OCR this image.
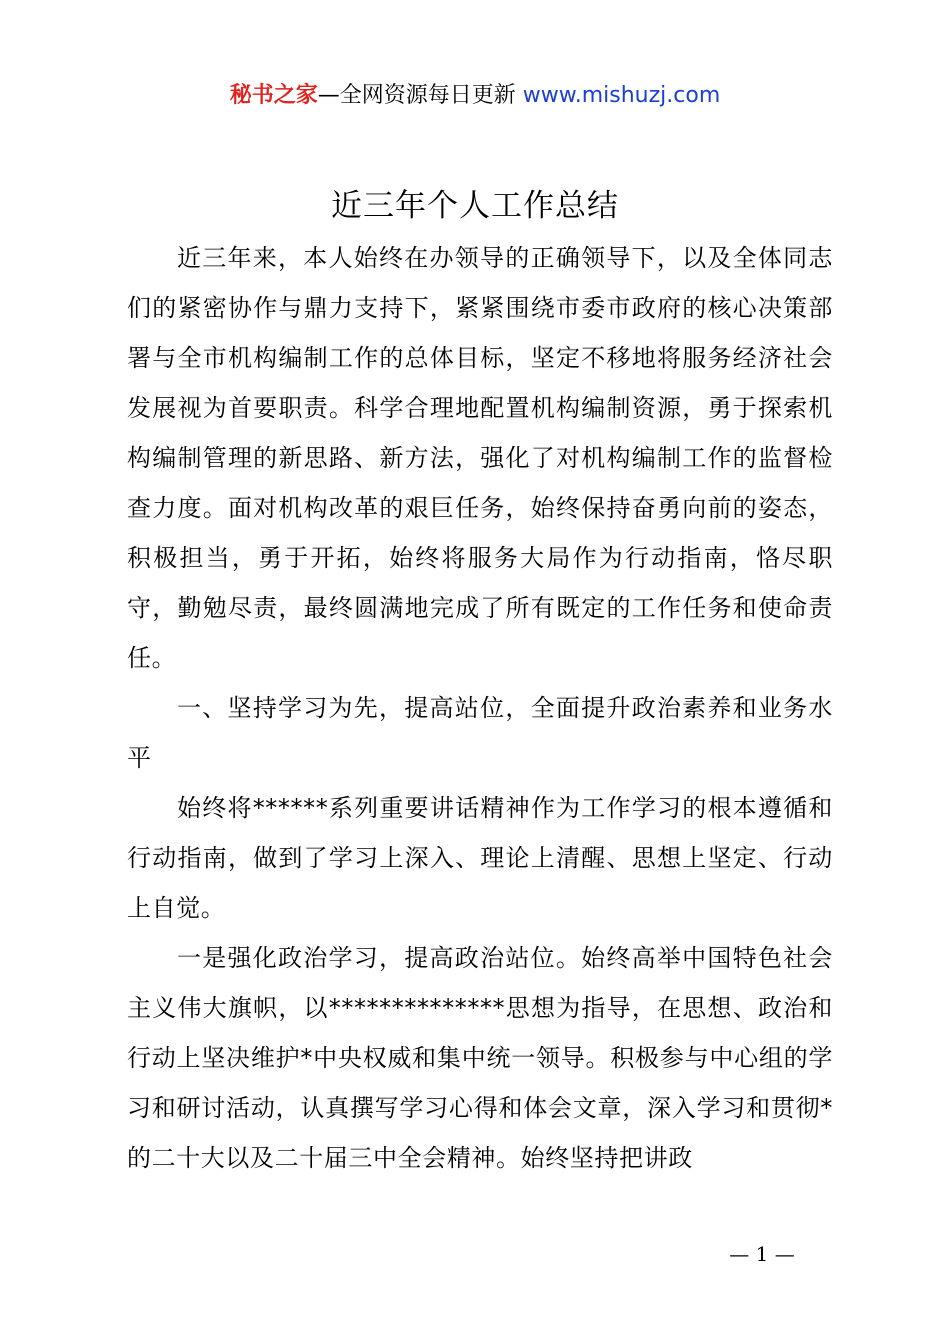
秘书之家—全网资源每日更新 www.mishuzj.com
近三年个人工作总结

近三年来，本人始终在办领导的正确领导下，以及全体同志们的紧密协作与鼎力支持下，紧紧围绕市委市政府的核心决策部署与全市机构编制工作的总体目标，坚定不移地将服务经济社会发展视为首要职责。科学合理地配置机构编制资源，勇于探索机构编制管理的新思路、新方法，强化了对机构编制工作的监督检查力度。面对机构改革的艰巨任务，始终保持奋勇向前的姿态，积极担当，勇于开拓，始终将服务大局作为行动指南，恪尽职守，勤勉尽责，最终圆满地完成了所有既定的工作任务和使命责任。

一、坚持学习为先，提高站位，全面提升政治素养和业务水平

始终将******系列重要讲话精神作为工作学习的根本遵循和行动指南，做到了学习上深入、理论上清醒、思想上坚定、行动上自觉。

一是强化政治学习，提高政治站位。始终高举中国特色社会主义伟大旗帜，以**************思想为指导，在思想、政治和行动上坚决维护*中央权威和集中统一领导。积极参与中心组的学习和研讨活动，认真撰写学习心得和体会文章，深入学习和贯彻*的二十大以及二十届三中全会精神。始终坚持把讲政

— 1 —
